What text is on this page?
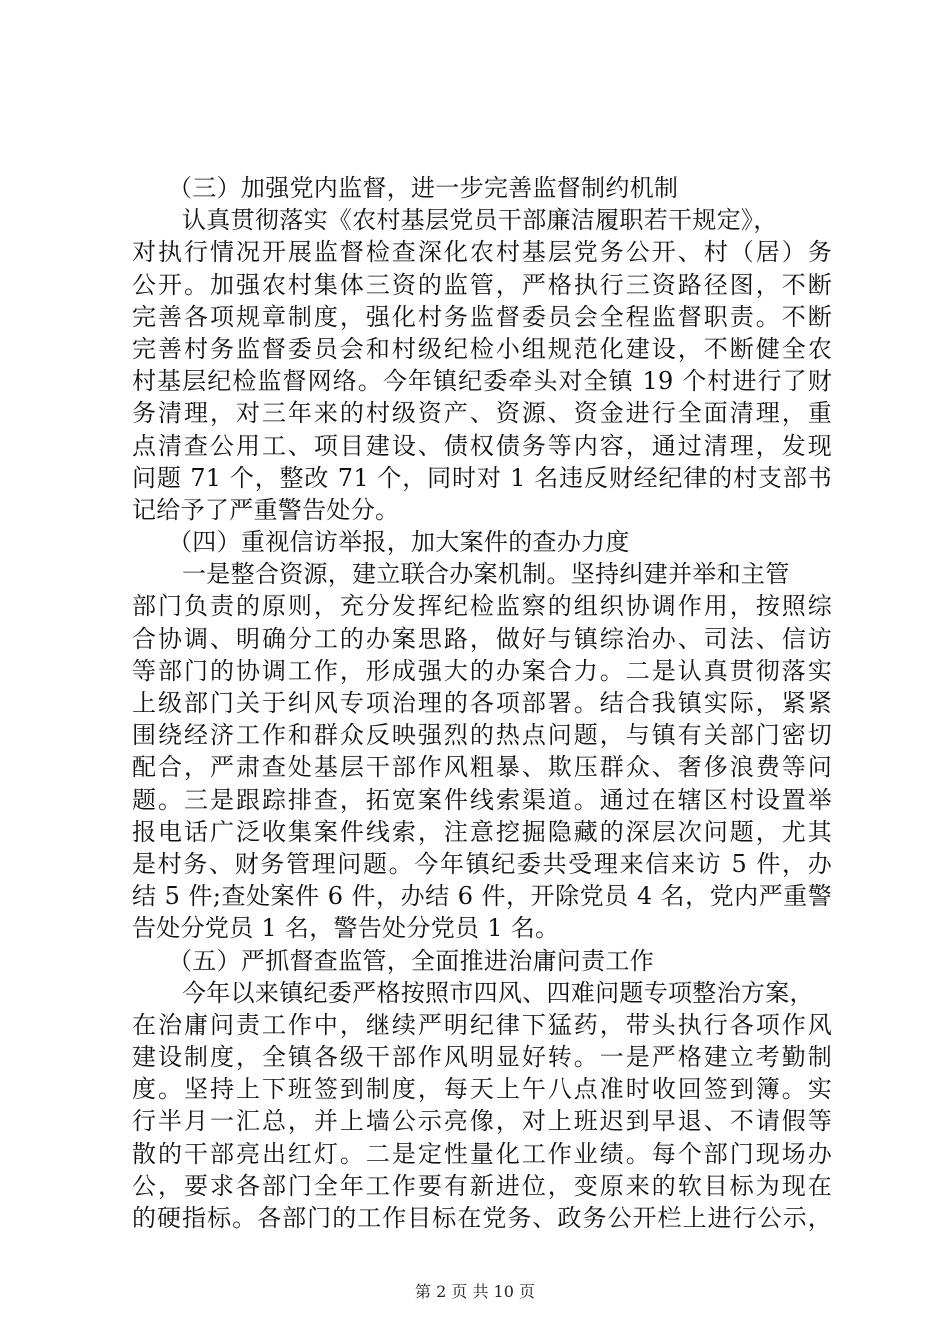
（三）加强党内监督，进一步完善监督制约机制
认真贯彻落实《农村基层党员干部廉洁履职若干规定》，
对执行情况开展监督检查深化农村基层党务公开、村（居）务
公开。加强农村集体三资的监管，严格执行三资路径图，不断
完善各项规章制度，强化村务监督委员会全程监督职责。不断
完善村务监督委员会和村级纪检小组规范化建设，不断健全农
村基层纪检监督网络。今年镇纪委牵头对全镇 19 个村进行了财
务清理，对三年来的村级资产、资源、资金进行全面清理，重
点清查公用工、项目建设、债权债务等内容，通过清理，发现
问题 71 个，整改 71 个，同时对 1 名违反财经纪律的村支部书
记给予了严重警告处分。
（四）重视信访举报，加大案件的查办力度
一是整合资源，建立联合办案机制。坚持纠建并举和主管
部门负责的原则，充分发挥纪检监察的组织协调作用，按照综
合协调、明确分工的办案思路，做好与镇综治办、司法、信访
等部门的协调工作，形成强大的办案合力。二是认真贯彻落实
上级部门关于纠风专项治理的各项部署。结合我镇实际，紧紧
围绕经济工作和群众反映强烈的热点问题，与镇有关部门密切
配合，严肃查处基层干部作风粗暴、欺压群众、奢侈浪费等问
题。三是跟踪排查，拓宽案件线索渠道。通过在辖区村设置举
报电话广泛收集案件线索，注意挖掘隐藏的深层次问题，尤其
是村务、财务管理问题。今年镇纪委共受理来信来访 5 件，办
结 5 件;查处案件 6 件，办结 6 件，开除党员 4 名，党内严重警
告处分党员 1 名，警告处分党员 1 名。
（五）严抓督查监管，全面推进治庸问责工作
今年以来镇纪委严格按照市四风、四难问题专项整治方案，
在治庸问责工作中，继续严明纪律下猛药，带头执行各项作风
建设制度，全镇各级干部作风明显好转。一是严格建立考勤制
度。坚持上下班签到制度，每天上午八点准时收回签到簿。实
行半月一汇总，并上墙公示亮像，对上班迟到早退、不请假等
散的干部亮出红灯。二是定性量化工作业绩。每个部门现场办
公，要求各部门全年工作要有新进位，变原来的软目标为现在
的硬指标。各部门的工作目标在党务、政务公开栏上进行公示，
第 2 页 共 10 页
